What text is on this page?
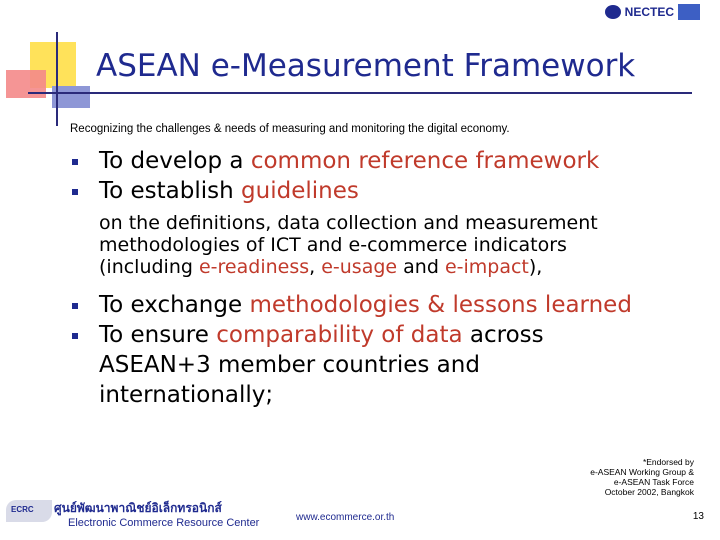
NECTEC
ASEAN e-Measurement Framework
Recognizing the challenges & needs of measuring and monitoring the digital economy.
To develop a common reference framework
To establish guidelines
on the definitions, data collection and measurement
methodologies of ICT and e-commerce indicators
(including e-readiness, e-usage and e-impact),
To exchange methodologies & lessons learned
To ensure comparability of data across
ASEAN+3 member countries and
internationally;
*Endorsed by
e-ASEAN Working Group &
e-ASEAN Task Force
October 2002, Bangkok
ECRC ศูนย์พัฒนาพาณิชย์อิเล็กทรอนิกส์
Electronic Commerce Resource Center	www.ecommerce.or.th	13
